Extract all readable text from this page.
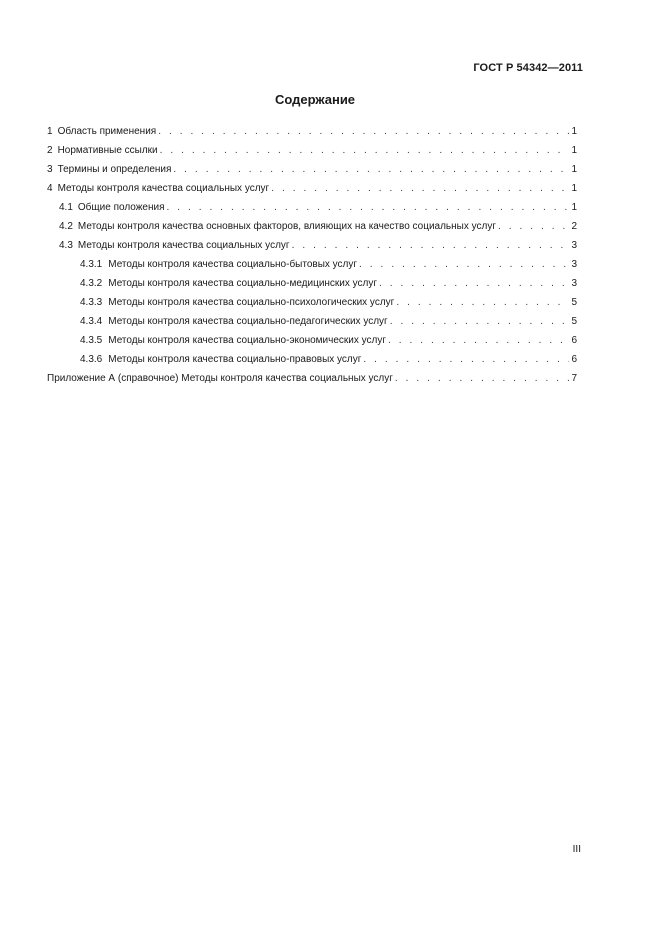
ГОСТ Р 54342—2011
Содержание
1 Область применения . . .	1
2 Нормативные ссылки . . .	1
3 Термины и определения . . .	1
4 Методы контроля качества социальных услуг . . .	1
4.1 Общие положения . . .	1
4.2 Методы контроля качества основных факторов, влияющих на качество социальных услуг . . .	2
4.3 Методы контроля качества социальных услуг . . .	3
4.3.1 Методы контроля качества социально-бытовых услуг . . .	3
4.3.2 Методы контроля качества социально-медицинских услуг . . .	3
4.3.3 Методы контроля качества социально-психологических услуг . . .	5
4.3.4 Методы контроля качества социально-педагогических услуг . . .	5
4.3.5 Методы контроля качества социально-экономических услуг . . .	6
4.3.6 Методы контроля качества социально-правовых услуг . . .	6
Приложение А (справочное) Методы контроля качества социальных услуг . . .	7
III
